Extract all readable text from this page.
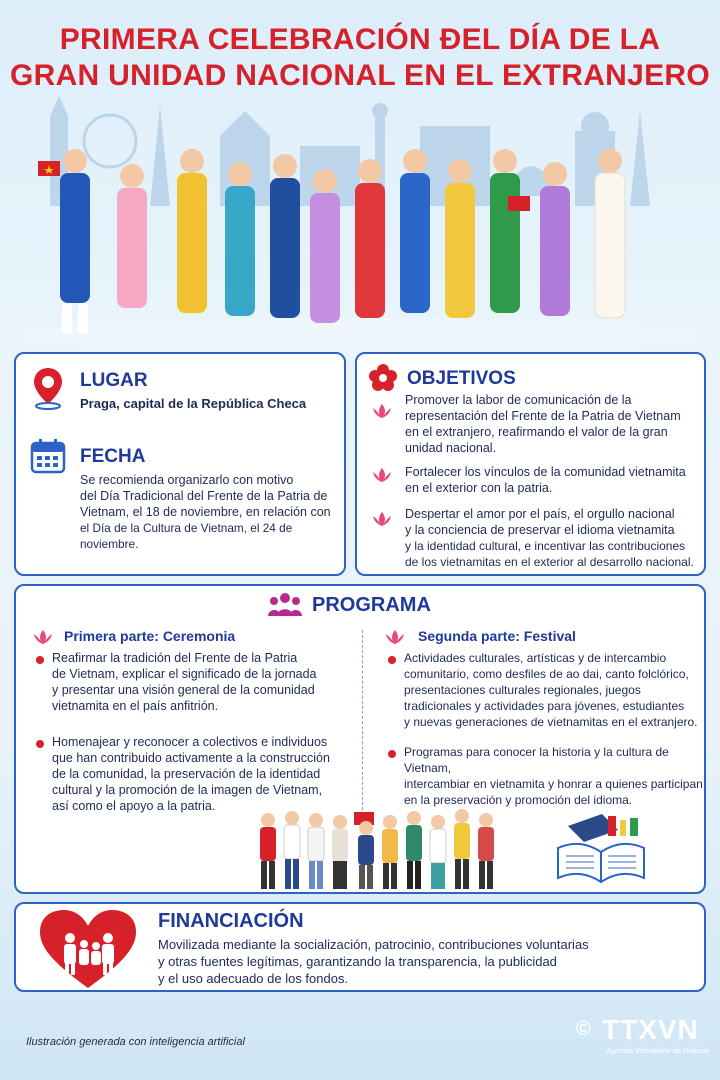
PRIMERA CELEBRACIÓN ĐEL DÍA DE LA
GRAN UNIDAD NACIONAL EN EL EXTRANJERO
LUGAR
Praga, capital de la República Checa
FECHA
Se recomienda organizarlo con motivo
del Día Tradicional del Frente de la Patria de
Vietnam, el 18 de noviembre, en relación con
el Día de la Cultura de Vietnam, el 24 de noviembre.
OBJETIVOS
Promover la labor de comunicación de la
representación del Frente de la Patria de Vietnam
en el extranjero, reafirmando el valor de la gran
unidad nacional.
Fortalecer los vínculos de la comunidad vietnamita
en el exterior con la patria.
Despertar el amor por el país, el orgullo nacional
y la conciencia de preservar el idioma vietnamita
y la identidad cultural, e incentivar las contribuciones
de los vietnamitas en el exterior al desarrollo nacional.
PROGRAMA
Primera parte: Ceremonia
Reafirmar la tradición del Frente de la Patria
de Vietnam, explicar el significado de la jornada
y presentar una visión general de la comunidad
vietnamita en el país anfitrión.
Homenajear y reconocer a colectivos e individuos
que han contribuido activamente a la construcción
de la comunidad, la preservación de la identidad
cultural y la promoción de la imagen de Vietnam,
así como el apoyo a la patria.
Segunda parte: Festival
Actividades culturales, artísticas y de intercambio
comunitario, como desfiles de ao dai, canto folclórico,
presentaciones culturales regionales, juegos
tradicionales y actividades para jóvenes, estudiantes
y nuevas generaciones de vietnamitas en el extranjero.
Programas para conocer la historia y la cultura de Vietnam,
intercambiar en vietnamita y honrar a quienes participan
en la preservación y promoción del idioma.
FINANCIACIÓN
Movilizada mediante la socialización, patrocinio, contribuciones voluntarias
y otras fuentes legítimas, garantizando la transparencia, la publicidad
y el uso adecuado de los fondos.
Ilustración generada con inteligencia artificial
© TTXVN
Agencia Vietnamita de Noticias
